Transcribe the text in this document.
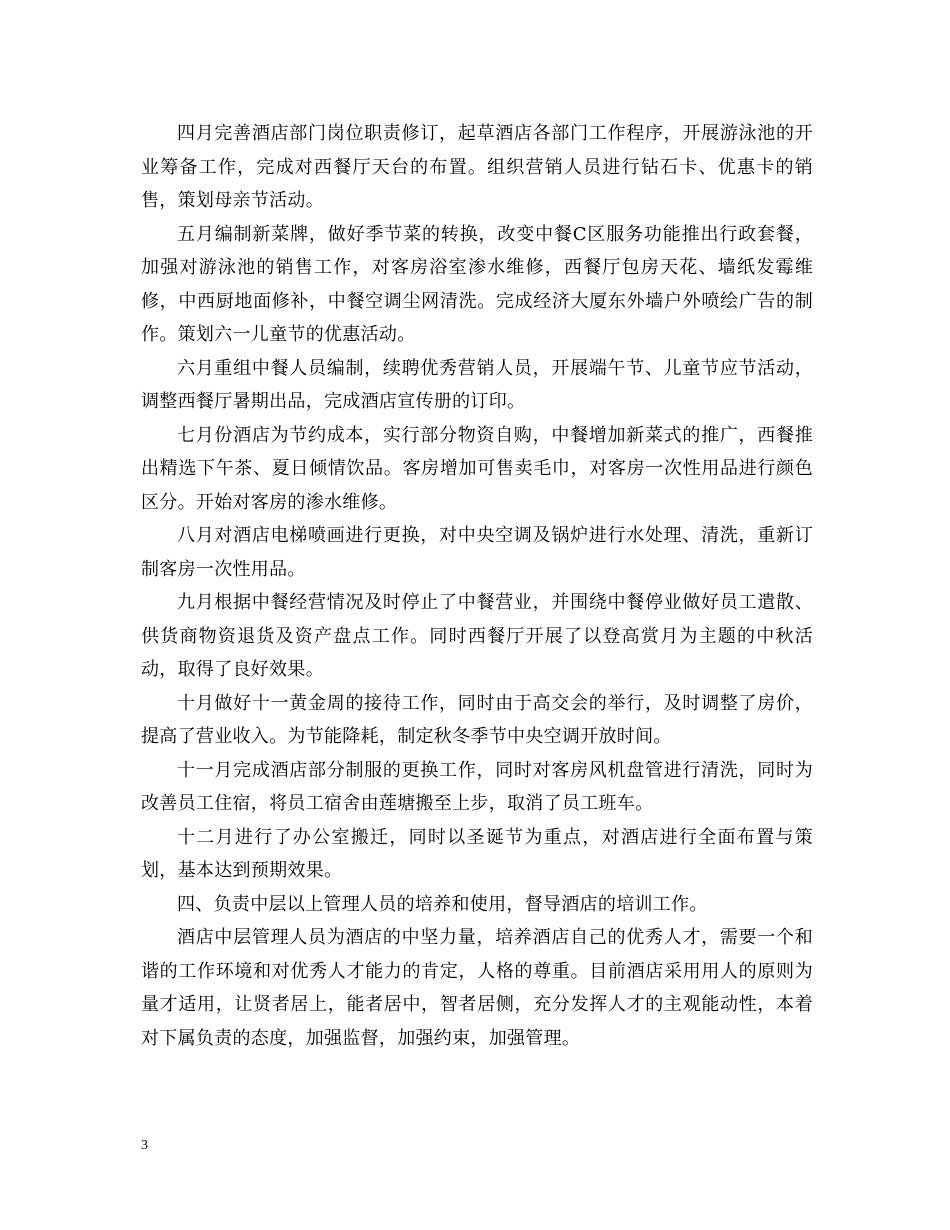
四月完善酒店部门岗位职责修订，起草酒店各部门工作程序，开展游泳池的开业筹备工作，完成对西餐厅天台的布置。组织营销人员进行钻石卡、优惠卡的销售，策划母亲节活动。

五月编制新菜牌，做好季节菜的转换，改变中餐C区服务功能推出行政套餐，加强对游泳池的销售工作，对客房浴室渗水维修，西餐厅包房天花、墙纸发霉维修，中西厨地面修补，中餐空调尘网清洗。完成经济大厦东外墙户外喷绘广告的制作。策划六一儿童节的优惠活动。

六月重组中餐人员编制，续聘优秀营销人员，开展端午节、儿童节应节活动，调整西餐厅暑期出品，完成酒店宣传册的订印。

七月份酒店为节约成本，实行部分物资自购，中餐增加新菜式的推广，西餐推出精选下午茶、夏日倾情饮品。客房增加可售卖毛巾，对客房一次性用品进行颜色区分。开始对客房的渗水维修。

八月对酒店电梯喷画进行更换，对中央空调及锅炉进行水处理、清洗，重新订制客房一次性用品。

九月根据中餐经营情况及时停止了中餐营业，并围绕中餐停业做好员工遣散、供货商物资退货及资产盘点工作。同时西餐厅开展了以登高赏月为主题的中秋活动，取得了良好效果。

十月做好十一黄金周的接待工作，同时由于高交会的举行，及时调整了房价，提高了营业收入。为节能降耗，制定秋冬季节中央空调开放时间。

十一月完成酒店部分制服的更换工作，同时对客房风机盘管进行清洗，同时为改善员工住宿，将员工宿舍由莲塘搬至上步，取消了员工班车。

十二月进行了办公室搬迁，同时以圣诞节为重点，对酒店进行全面布置与策划，基本达到预期效果。

四、负责中层以上管理人员的培养和使用，督导酒店的培训工作。

酒店中层管理人员为酒店的中坚力量，培养酒店自己的优秀人才，需要一个和谐的工作环境和对优秀人才能力的肯定，人格的尊重。目前酒店采用用人的原则为量才适用，让贤者居上，能者居中，智者居侧，充分发挥人才的主观能动性，本着对下属负责的态度，加强监督，加强约束，加强管理。

3
